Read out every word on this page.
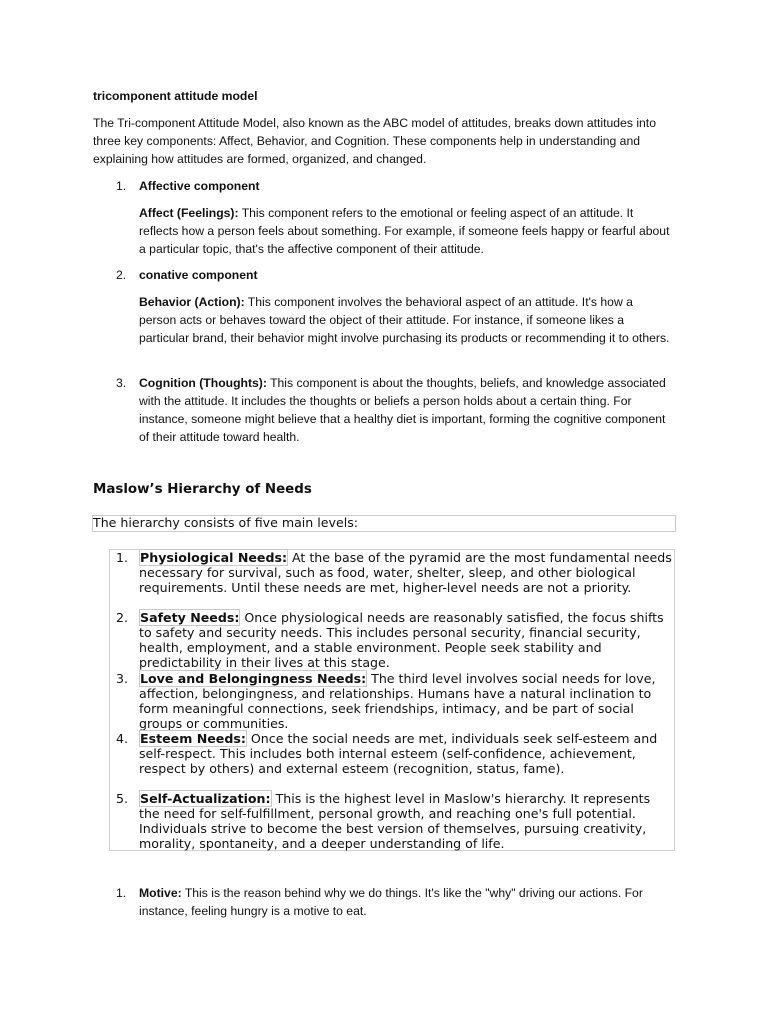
tricomponent attitude model
The Tri-component Attitude Model, also known as the ABC model of attitudes, breaks down attitudes into three key components: Affect, Behavior, and Cognition. These components help in understanding and explaining how attitudes are formed, organized, and changed.
1. Affective component
Affect (Feelings): This component refers to the emotional or feeling aspect of an attitude. It reflects how a person feels about something. For example, if someone feels happy or fearful about a particular topic, that's the affective component of their attitude.
2. conative component
Behavior (Action): This component involves the behavioral aspect of an attitude. It's how a person acts or behaves toward the object of their attitude. For instance, if someone likes a particular brand, their behavior might involve purchasing its products or recommending it to others.
3. Cognition (Thoughts): This component is about the thoughts, beliefs, and knowledge associated with the attitude. It includes the thoughts or beliefs a person holds about a certain thing. For instance, someone might believe that a healthy diet is important, forming the cognitive component of their attitude toward health.
Maslow’s Hierarchy of Needs
The hierarchy consists of five main levels:
1. Physiological Needs: At the base of the pyramid are the most fundamental needs necessary for survival, such as food, water, shelter, sleep, and other biological requirements. Until these needs are met, higher-level needs are not a priority.
2. Safety Needs: Once physiological needs are reasonably satisfied, the focus shifts to safety and security needs. This includes personal security, financial security, health, employment, and a stable environment. People seek stability and predictability in their lives at this stage.
3. Love and Belongingness Needs: The third level involves social needs for love, affection, belongingness, and relationships. Humans have a natural inclination to form meaningful connections, seek friendships, intimacy, and be part of social groups or communities.
4. Esteem Needs: Once the social needs are met, individuals seek self-esteem and self-respect. This includes both internal esteem (self-confidence, achievement, respect by others) and external esteem (recognition, status, fame).
5. Self-Actualization: This is the highest level in Maslow's hierarchy. It represents the need for self-fulfillment, personal growth, and reaching one's full potential. Individuals strive to become the best version of themselves, pursuing creativity, morality, spontaneity, and a deeper understanding of life.
1. Motive: This is the reason behind why we do things. It's like the "why" driving our actions. For instance, feeling hungry is a motive to eat.
